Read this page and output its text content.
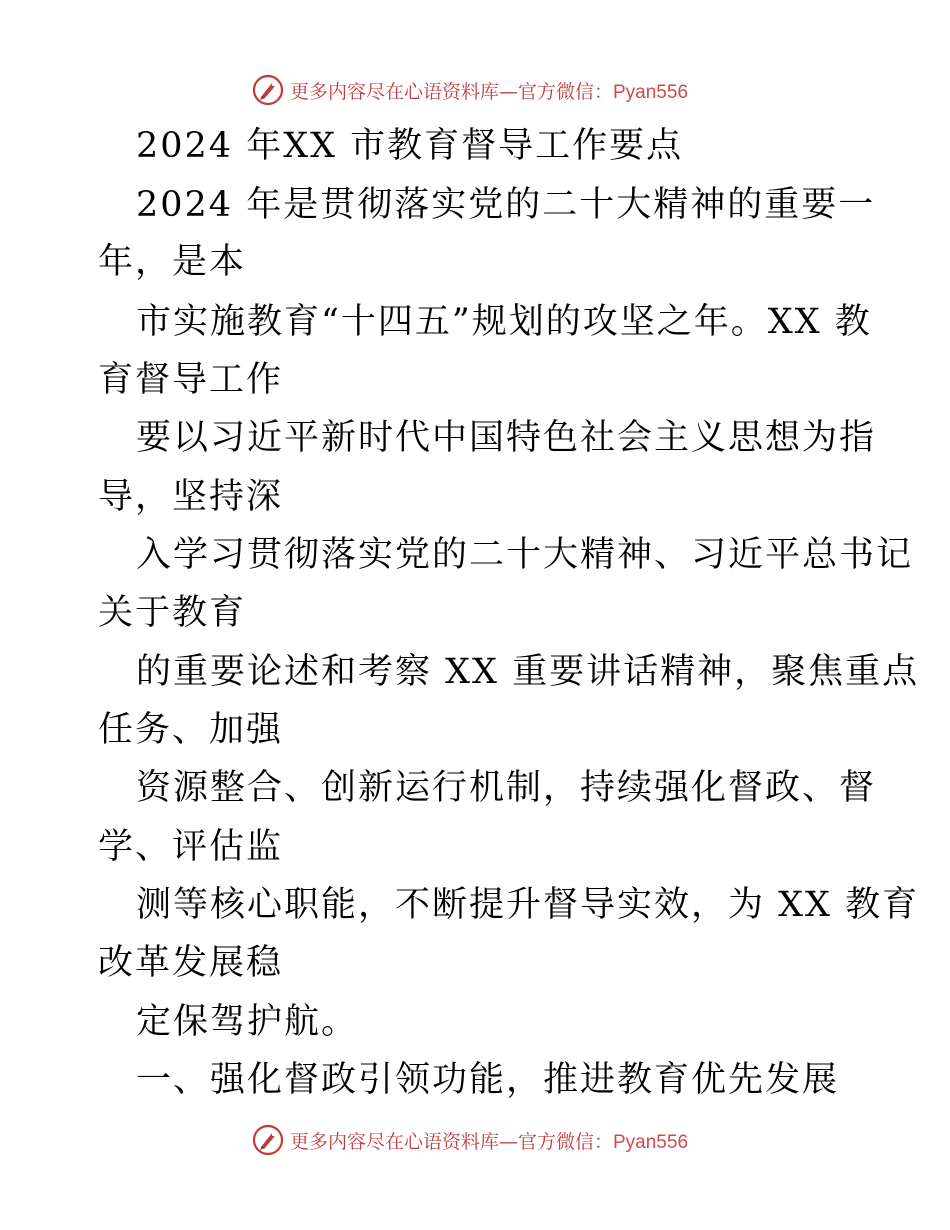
更多内容尽在心语资料库—官方微信：Pyan556
2024 年XX 市教育督导工作要点
2024 年是贯彻落实党的二十大精神的重要一
年，是本
市实施教育“十四五”规划的攻坚之年。XX 教
育督导工作
要以习近平新时代中国特色社会主义思想为指
导，坚持深
入学习贯彻落实党的二十大精神、习近平总书记
关于教育
的重要论述和考察 XX 重要讲话精神，聚焦重点
任务、加强
资源整合、创新运行机制，持续强化督政、督
学、评估监
测等核心职能，不断提升督导实效，为 XX 教育
改革发展稳
定保驾护航。
一、强化督政引领功能，推进教育优先发展
更多内容尽在心语资料库—官方微信：Pyan556
